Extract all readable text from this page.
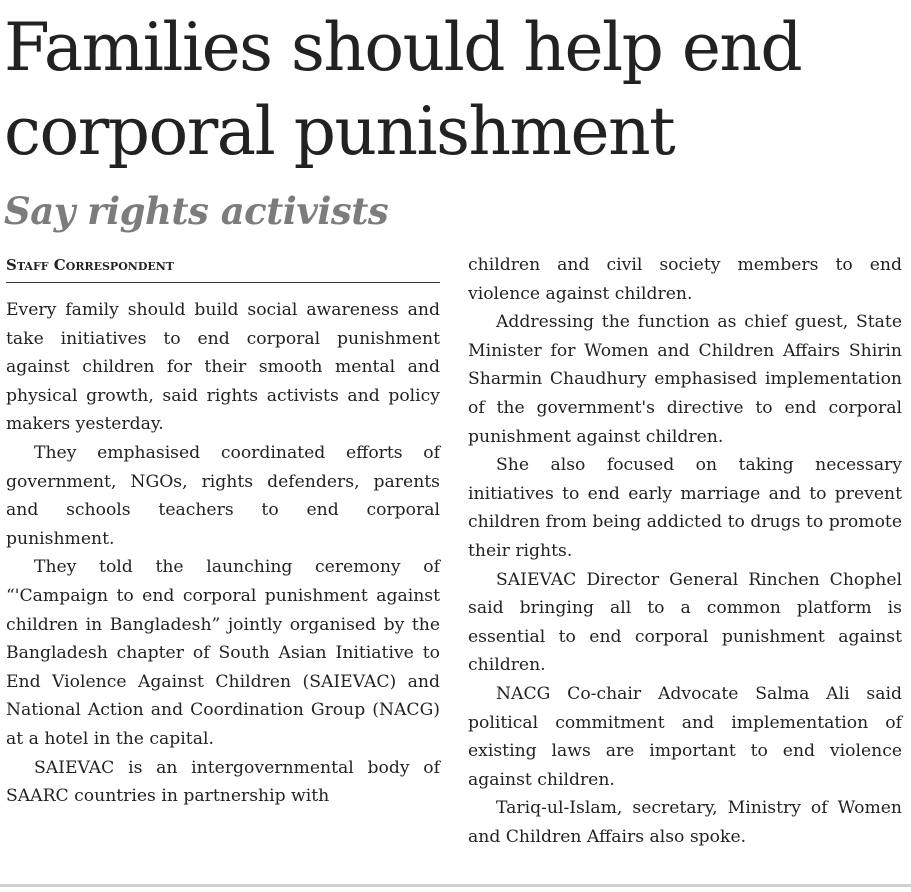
Families should help end corporal punishment
Say rights activists
Staff Correspondent

Every family should build social awareness and take initiatives to end corporal punishment against children for their smooth mental and physical growth, said rights activists and policy makers yesterday.

They emphasised coordinated efforts of government, NGOs, rights defenders, parents and schools teachers to end corporal punishment.

They told the launching ceremony of “'Campaign to end corporal punishment against children in Bangladesh” jointly organised by the Bangladesh chapter of South Asian Initiative to End Violence Against Children (SAIEVAC) and National Action and Coordination Group (NACG) at a hotel in the capital.

SAIEVAC is an intergovernmental body of SAARC countries in partnership with

children and civil society members to end violence against children.

Addressing the function as chief guest, State Minister for Women and Children Affairs Shirin Sharmin Chaudhury emphasised implementation of the government's directive to end corporal punishment against children.

She also focused on taking necessary initiatives to end early marriage and to prevent children from being addicted to drugs to promote their rights.

SAIEVAC Director General Rinchen Chophel said bringing all to a common platform is essential to end corporal punishment against children.

NACG Co-chair Advocate Salma Ali said political commitment and implementation of existing laws are important to end violence against children.

Tariq-ul-Islam, secretary, Ministry of Women and Children Affairs also spoke.
